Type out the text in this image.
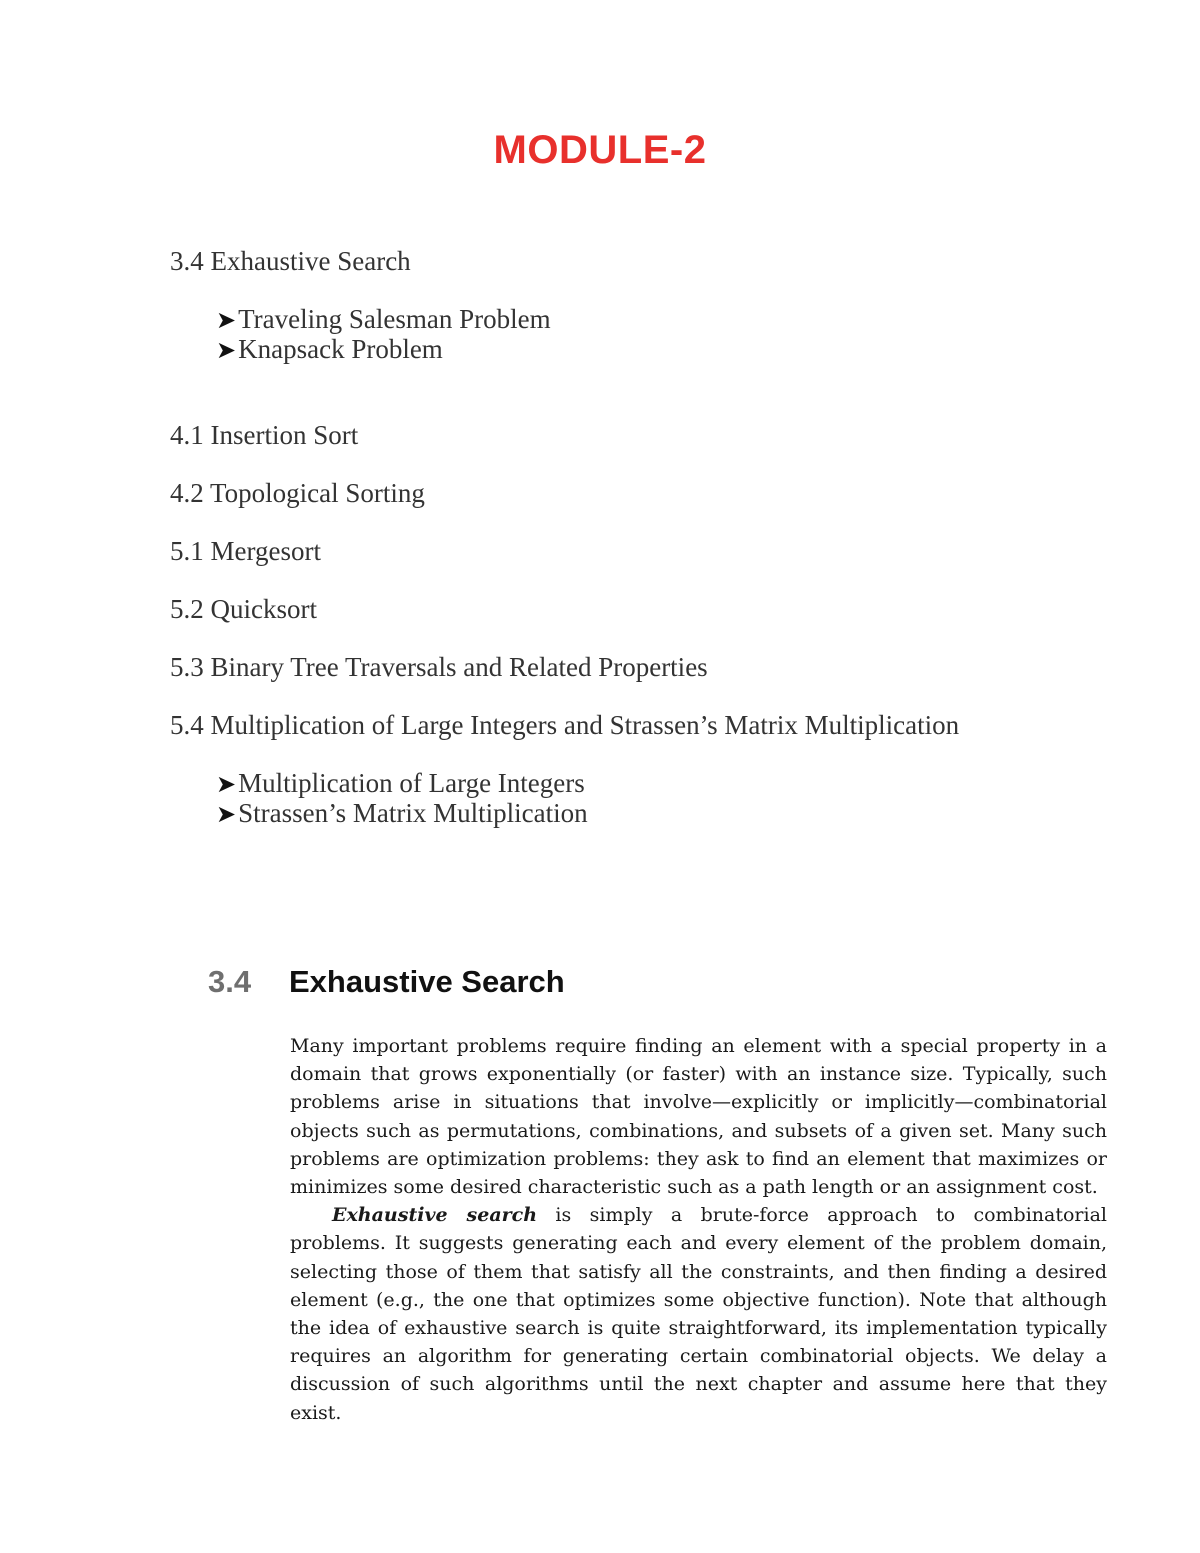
MODULE-2
3.4 Exhaustive Search
➤Traveling Salesman Problem
➤Knapsack Problem
4.1 Insertion Sort
4.2 Topological Sorting
5.1 Mergesort
5.2 Quicksort
5.3 Binary Tree Traversals and Related Properties
5.4 Multiplication of Large Integers and Strassen’s Matrix Multiplication
➤Multiplication of Large Integers
➤Strassen’s Matrix Multiplication
3.4 Exhaustive Search

Many important problems require finding an element with a special property in a domain that grows exponentially (or faster) with an instance size. Typically, such problems arise in situations that involve—explicitly or implicitly—combinatorial objects such as permutations, combinations, and subsets of a given set. Many such problems are optimization problems: they ask to find an element that maximizes or minimizes some desired characteristic such as a path length or an assignment cost.

Exhaustive search is simply a brute-force approach to combinatorial problems. It suggests generating each and every element of the problem domain, selecting those of them that satisfy all the constraints, and then finding a desired element (e.g., the one that optimizes some objective function). Note that although the idea of exhaustive search is quite straightforward, its implementation typically requires an algorithm for generating certain combinatorial objects. We delay a discussion of such algorithms until the next chapter and assume here that they exist.
